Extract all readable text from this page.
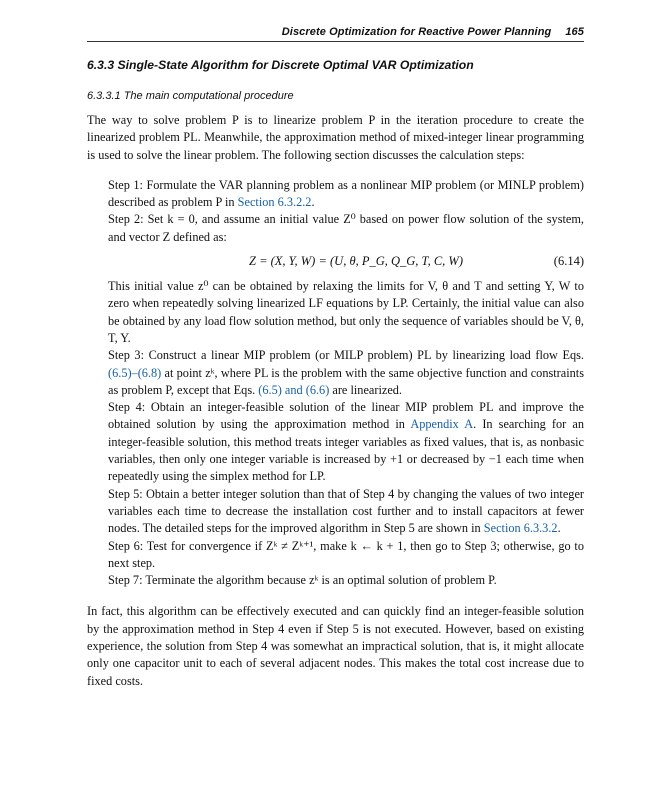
Discrete Optimization for Reactive Power Planning 165
6.3.3 Single-State Algorithm for Discrete Optimal VAR Optimization
6.3.3.1 The main computational procedure

The way to solve problem P is to linearize problem P in the iteration procedure to create the linearized problem PL. Meanwhile, the approximation method of mixed-integer linear programming is used to solve the linear problem. The following section discusses the calculation steps:

Step 1: Formulate the VAR planning problem as a nonlinear MIP problem (or MINLP problem) described as problem P in Section 6.3.2.2.
Step 2: Set k = 0, and assume an initial value Z⁰ based on power flow solution of the system, and vector Z defined as:
Z = (X, Y, W) = (U, θ, P_G, Q_G, T, C, W)	(6.14)
This initial value z⁰ can be obtained by relaxing the limits for V, θ and T and setting Y, W to zero when repeatedly solving linearized LF equations by LP. Certainly, the initial value can also be obtained by any load flow solution method, but only the sequence of variables should be V, θ, T, Y.
Step 3: Construct a linear MIP problem (or MILP problem) PL by linearizing load flow Eqs. (6.5)–(6.8) at point zᵏ, where PL is the problem with the same objective function and constraints as problem P, except that Eqs. (6.5) and (6.6) are linearized.
Step 4: Obtain an integer-feasible solution of the linear MIP problem PL and improve the obtained solution by using the approximation method in Appendix A. In searching for an integer-feasible solution, this method treats integer variables as fixed values, that is, as nonbasic variables, then only one integer variable is increased by +1 or decreased by −1 each time when repeatedly using the simplex method for LP.
Step 5: Obtain a better integer solution than that of Step 4 by changing the values of two integer variables each time to decrease the installation cost further and to install capacitors at fewer nodes. The detailed steps for the improved algorithm in Step 5 are shown in Section 6.3.3.2.
Step 6: Test for convergence if Zᵏ ≠ Zᵏ⁺¹, make k ← k + 1, then go to Step 3; otherwise, go to next step.
Step 7: Terminate the algorithm because zᵏ is an optimal solution of problem P.

In fact, this algorithm can be effectively executed and can quickly find an integer-feasible solution by the approximation method in Step 4 even if Step 5 is not executed. However, based on existing experience, the solution from Step 4 was somewhat an impractical solution, that is, it might allocate only one capacitor unit to each of several adjacent nodes. This makes the total cost increase due to fixed costs.
